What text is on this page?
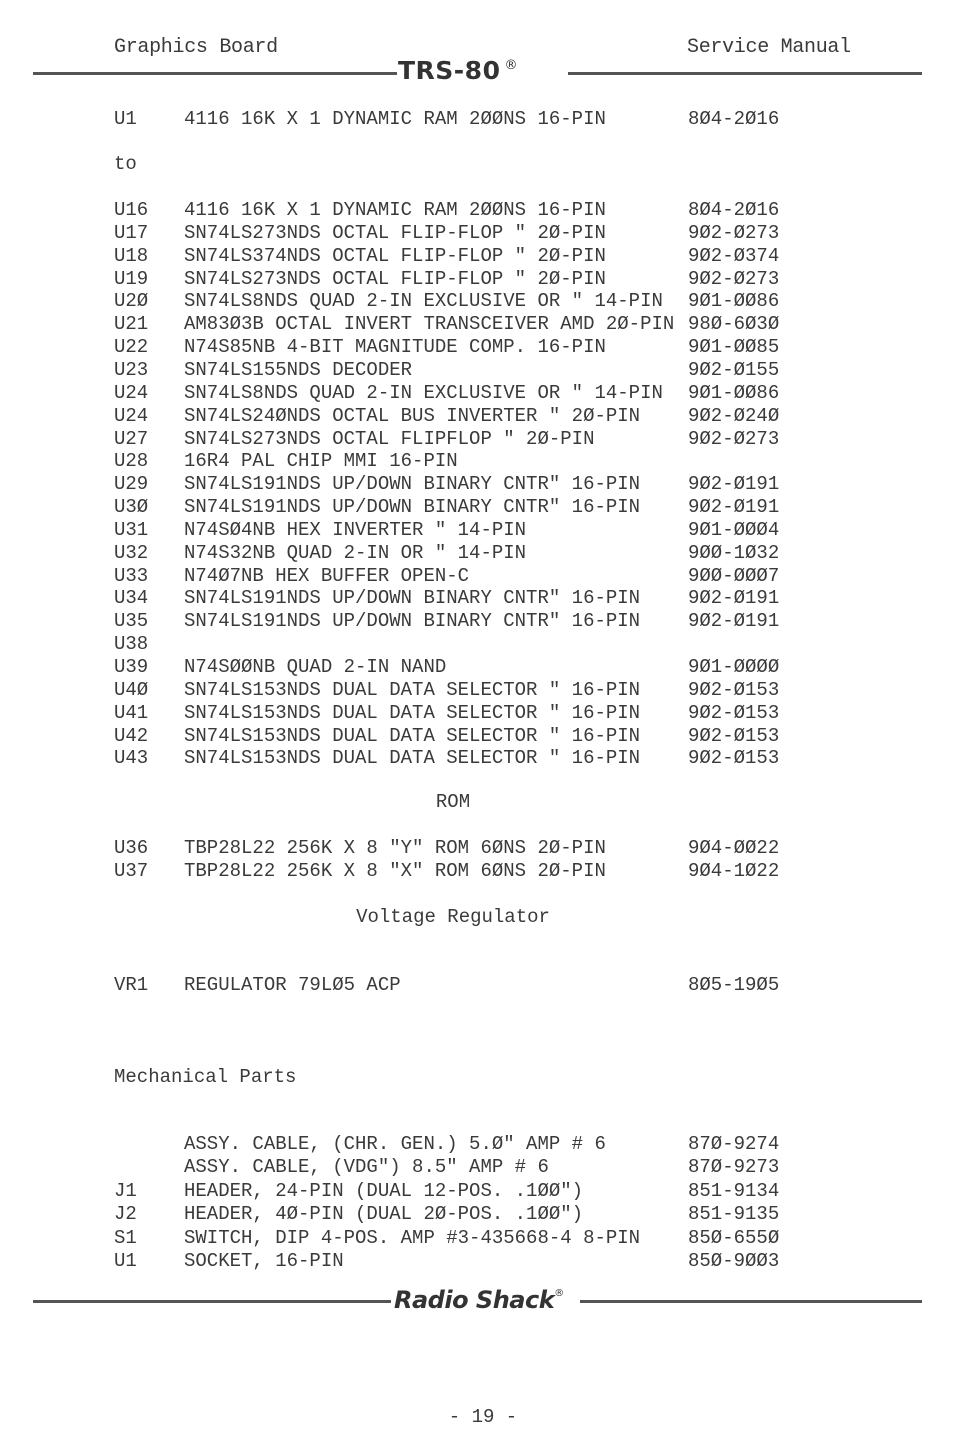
Graphics Board	Service Manual
TRS-80 ®
U1 4116 16K X 1 DYNAMIC RAM 2ØØNS 16-PIN	8Ø4-2Ø16
to
U16 4116 16K X 1 DYNAMIC RAM 2ØØNS 16-PIN	8Ø4-2Ø16
U17 SN74LS273NDS OCTAL FLIP-FLOP " 2Ø-PIN	9Ø2-Ø273
U18 SN74LS374NDS OCTAL FLIP-FLOP " 2Ø-PIN	9Ø2-Ø374
U19 SN74LS273NDS OCTAL FLIP-FLOP " 2Ø-PIN	9Ø2-Ø273
U2Ø SN74LS8NDS QUAD 2-IN EXCLUSIVE OR " 14-PIN 9Ø1-ØØ86
U21 AM83Ø3B OCTAL INVERT TRANSCEIVER AMD 2Ø-PIN 98Ø-6Ø3Ø
U22 N74S85NB 4-BIT MAGNITUDE COMP. 16-PIN	9Ø1-ØØ85
U23 SN74LS155NDS DECODER	9Ø2-Ø155
U24 SN74LS8NDS QUAD 2-IN EXCLUSIVE OR " 14-PIN 9Ø1-ØØ86
U24 SN74LS24ØNDS OCTAL BUS INVERTER " 2Ø-PIN	9Ø2-Ø24Ø
U27 SN74LS273NDS OCTAL FLIPFLOP " 2Ø-PIN	9Ø2-Ø273
U28 16R4 PAL CHIP MMI 16-PIN
U29 SN74LS191NDS UP/DOWN BINARY CNTR" 16-PIN	9Ø2-Ø191
U3Ø SN74LS191NDS UP/DOWN BINARY CNTR" 16-PIN	9Ø2-Ø191
U31 N74SØ4NB HEX INVERTER " 14-PIN	9Ø1-ØØØ4
U32 N74S32NB QUAD 2-IN OR " 14-PIN	9ØØ-1Ø32
U33 N74Ø7NB HEX BUFFER OPEN-C	9ØØ-ØØØ7
U34 SN74LS191NDS UP/DOWN BINARY CNTR" 16-PIN	9Ø2-Ø191
U35 SN74LS191NDS UP/DOWN BINARY CNTR" 16-PIN	9Ø2-Ø191
U38
U39 N74SØØNB QUAD 2-IN NAND	9Ø1-ØØØØ
U4Ø SN74LS153NDS DUAL DATA SELECTOR " 16-PIN	9Ø2-Ø153
U41 SN74LS153NDS DUAL DATA SELECTOR " 16-PIN	9Ø2-Ø153
U42 SN74LS153NDS DUAL DATA SELECTOR " 16-PIN	9Ø2-Ø153
U43 SN74LS153NDS DUAL DATA SELECTOR " 16-PIN	9Ø2-Ø153
ROM
U36 TBP28L22 256K X 8 "Y" ROM 6ØNS 2Ø-PIN	9Ø4-ØØ22
U37 TBP28L22 256K X 8 "X" ROM 6ØNS 2Ø-PIN	9Ø4-1Ø22
Voltage Regulator
VR1 REGULATOR 79LØ5 ACP	8Ø5-19Ø5
Mechanical Parts
ASSY. CABLE, (CHR. GEN.) 5.Ø" AMP # 6	87Ø-9274
ASSY. CABLE, (VDG") 8.5" AMP # 6	87Ø-9273
J1 HEADER, 24-PIN (DUAL 12-POS. .1ØØ")	851-9134
J2 HEADER, 4Ø-PIN (DUAL 2Ø-POS. .1ØØ")	851-9135
S1 SWITCH, DIP 4-POS. AMP #3-435668-4 8-PIN	85Ø-655Ø
U1 SOCKET, 16-PIN	85Ø-9ØØ3
Radio Shack®
- 19 -
